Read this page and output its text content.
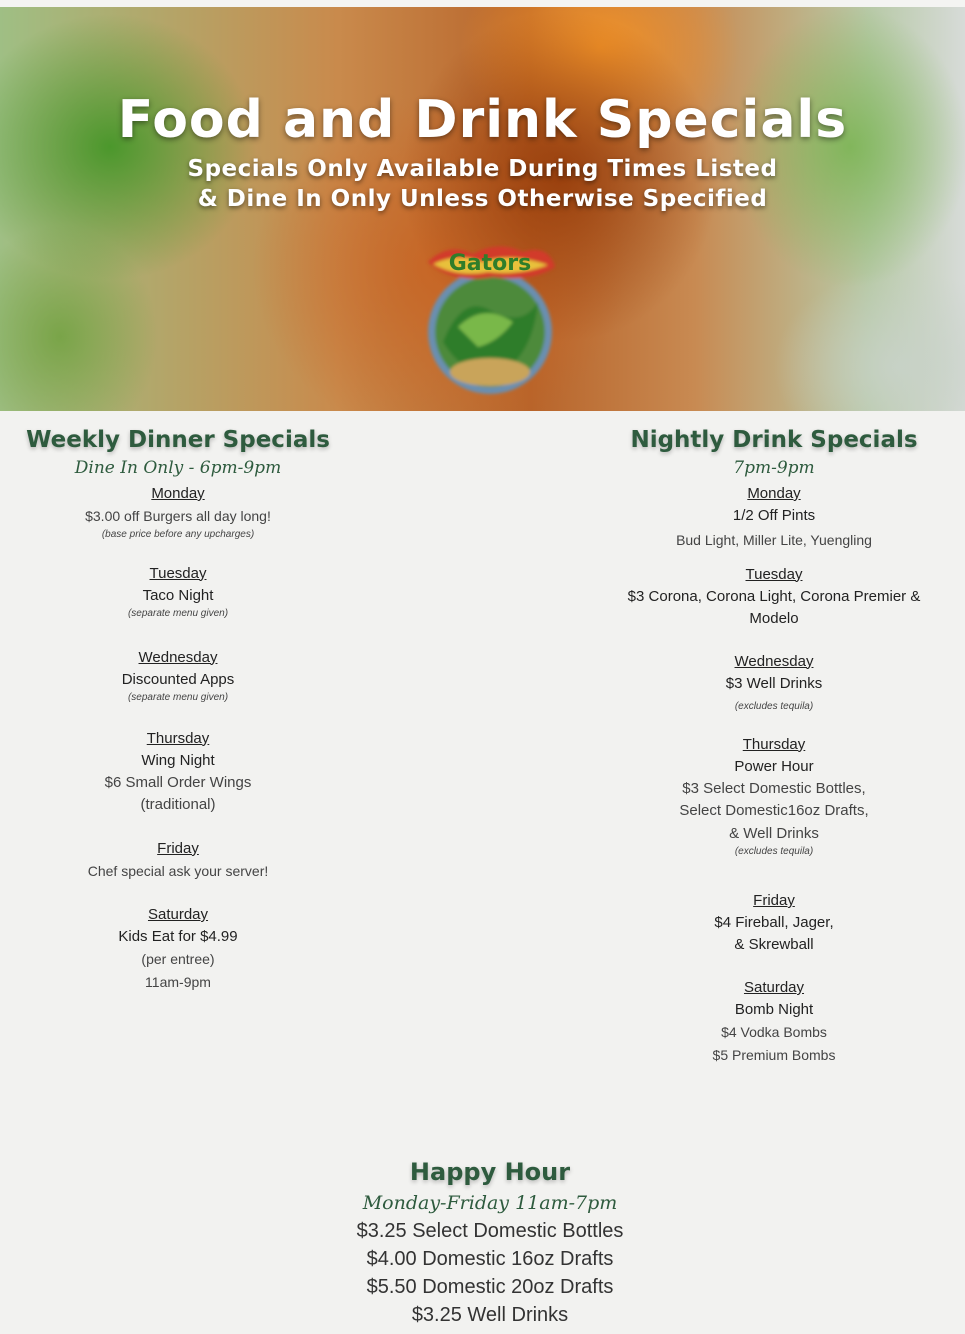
Food and Drink Specials
Specials Only Available During Times Listed
& Dine In Only Unless Otherwise Specified
Gators
Weekly Dinner Specials
Dine In Only - 6pm-9pm
Monday
$3.00 off Burgers all day long!
(base price before any upcharges)
Tuesday
Taco Night
(separate menu given)
Wednesday
Discounted Apps
(separate menu given)
Thursday
Wing Night
$6 Small Order Wings
(traditional)
Friday
Chef special ask your server!
Saturday
Kids Eat for $4.99
(per entree)
11am-9pm
Nightly Drink Specials
7pm-9pm
Monday
1/2 Off Pints
Bud Light, Miller Lite, Yuengling
Tuesday
$3 Corona, Corona Light, Corona Premier &
Modelo
Wednesday
$3 Well Drinks
(excludes tequila)
Thursday
Power Hour
$3 Select Domestic Bottles,
Select Domestic16oz Drafts,
& Well Drinks
(excludes tequila)
Friday
$4 Fireball, Jager,
& Skrewball
Saturday
Bomb Night
$4 Vodka Bombs
$5 Premium Bombs
Happy Hour
Monday-Friday 11am-7pm
$3.25 Select Domestic Bottles
$4.00 Domestic 16oz Drafts
$5.50 Domestic 20oz Drafts
$3.25 Well Drinks
